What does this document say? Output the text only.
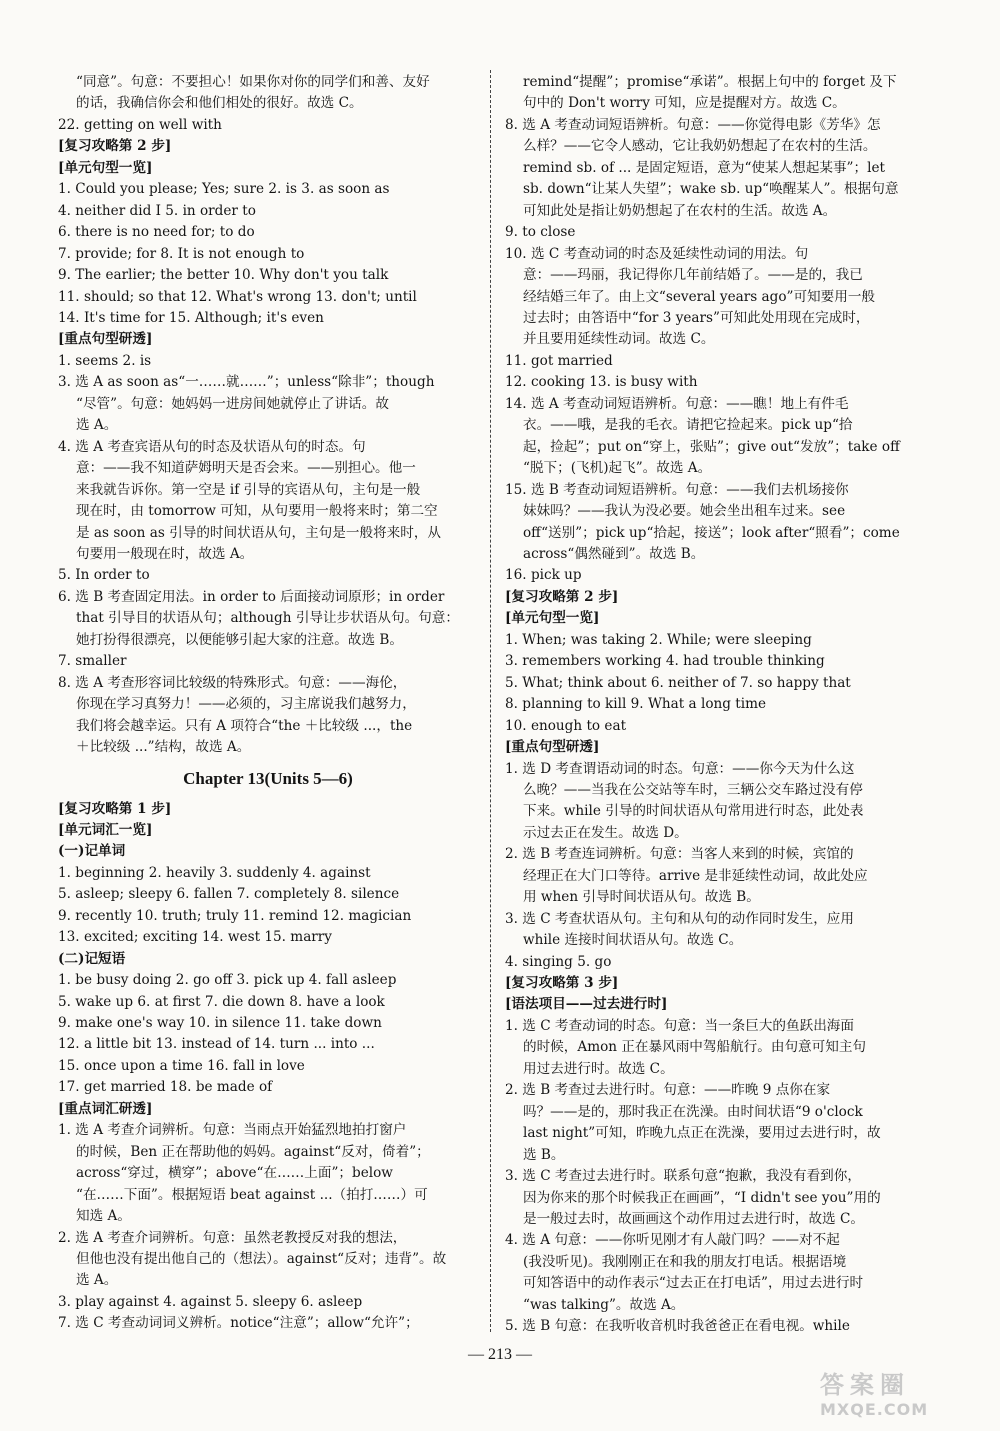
“同意”。句意：不要担心！如果你对你的同学们和善、友好
的话，我确信你会和他们相处的很好。故选 C。
22. getting on well with
[复习攻略第 2 步]
[单元句型一览]
1. Could you please; Yes; sure 2. is 3. as soon as
4. neither did I 5. in order to
6. there is no need for; to do
7. provide; for 8. It is not enough to
9. The earlier; the better 10. Why don't you talk
11. should; so that 12. What's wrong 13. don't; until
14. It's time for 15. Although; it's even
[重点句型研透]
1. seems 2. is
3. 选 A as soon as“一……就……”；unless“除非”；though
“尽管”。句意：她妈妈一进房间她就停止了讲话。故
选 A。
4. 选 A 考查宾语从句的时态及状语从句的时态。句
意：——我不知道萨姆明天是否会来。——别担心。他一
来我就告诉你。第一空是 if 引导的宾语从句，主句是一般
现在时，由 tomorrow 可知，从句要用一般将来时；第二空
是 as soon as 引导的时间状语从句，主句是一般将来时，从
句要用一般现在时，故选 A。
5. In order to
6. 选 B 考查固定用法。in order to 后面接动词原形；in order
that 引导目的状语从句；although 引导让步状语从句。句意：
她打扮得很漂亮，以便能够引起大家的注意。故选 B。
7. smaller
8. 选 A 考查形容词比较级的特殊形式。句意：——海伦，
你现在学习真努力！——必须的，习主席说我们越努力，
我们将会越幸运。只有 A 项符合“the ＋比较级 ...，the
＋比较级 ...”结构，故选 A。
Chapter 13(Units 5—6)
[复习攻略第 1 步]
[单元词汇一览]
(一)记单词
1. beginning 2. heavily 3. suddenly 4. against
5. asleep; sleepy 6. fallen 7. completely 8. silence
9. recently 10. truth; truly 11. remind 12. magician
13. excited; exciting 14. west 15. marry
(二)记短语
1. be busy doing 2. go off 3. pick up 4. fall asleep
5. wake up 6. at first 7. die down 8. have a look
9. make one's way 10. in silence 11. take down
12. a little bit 13. instead of 14. turn ... into ...
15. once upon a time 16. fall in love
17. get married 18. be made of
[重点词汇研透]
1. 选 A 考查介词辨析。句意：当雨点开始猛烈地拍打窗户
的时候，Ben 正在帮助他的妈妈。against“反对，倚着”；
across“穿过，横穿”；above“在……上面”；below
“在……下面”。根据短语 beat against ...（拍打……）可
知选 A。
2. 选 A 考查介词辨析。句意：虽然老教授反对我的想法，
但他也没有提出他自己的（想法）。against“反对；违背”。故
选 A。
3. play against 4. against 5. sleepy 6. asleep
7. 选 C 考查动词词义辨析。notice“注意”；allow“允许”；
remind“提醒”；promise“承诺”。根据上句中的 forget 及下
句中的 Don't worry 可知，应是提醒对方。故选 C。
8. 选 A 考查动词短语辨析。句意：——你觉得电影《芳华》怎
么样？——它令人感动，它让我奶奶想起了在农村的生活。
remind sb. of ... 是固定短语，意为“使某人想起某事”；let
sb. down“让某人失望”；wake sb. up“唤醒某人”。根据句意
可知此处是指让奶奶想起了在农村的生活。故选 A。
9. to close
10. 选 C 考查动词的时态及延续性动词的用法。句
意：——玛丽，我记得你几年前结婚了。——是的，我已
经结婚三年了。由上文“several years ago”可知要用一般
过去时；由答语中“for 3 years”可知此处用现在完成时，
并且要用延续性动词。故选 C。
11. got married
12. cooking 13. is busy with
14. 选 A 考查动词短语辨析。句意：——瞧！地上有件毛
衣。——哦，是我的毛衣。请把它捡起来。pick up“拾
起，捡起”；put on“穿上，张贴”；give out“发放”；take off
“脱下；(飞机)起飞”。故选 A。
15. 选 B 考查动词短语辨析。句意：——我们去机场接你
妹妹吗？——我认为没必要。她会坐出租车过来。see
off“送别”；pick up“拾起，接送”；look after“照看”；come
across“偶然碰到”。故选 B。
16. pick up
[复习攻略第 2 步]
[单元句型一览]
1. When; was taking 2. While; were sleeping
3. remembers working 4. had trouble thinking
5. What; think about 6. neither of 7. so happy that
8. planning to kill 9. What a long time
10. enough to eat
[重点句型研透]
1. 选 D 考查谓语动词的时态。句意：——你今天为什么这
么晚？——当我在公交站等车时，三辆公交车路过没有停
下来。while 引导的时间状语从句常用进行时态，此处表
示过去正在发生。故选 D。
2. 选 B 考查连词辨析。句意：当客人来到的时候，宾馆的
经理正在大门口等待。arrive 是非延续性动词，故此处应
用 when 引导时间状语从句。故选 B。
3. 选 C 考查状语从句。主句和从句的动作同时发生，应用
while 连接时间状语从句。故选 C。
4. singing 5. go
[复习攻略第 3 步]
[语法项目——过去进行时]
1. 选 C 考查动词的时态。句意：当一条巨大的鱼跃出海面
的时候，Amon 正在暴风雨中驾船航行。由句意可知主句
用过去进行时。故选 C。
2. 选 B 考查过去进行时。句意：——昨晚 9 点你在家
吗？——是的，那时我正在洗澡。由时间状语“9 o'clock
last night”可知，昨晚九点正在洗澡，要用过去进行时，故
选 B。
3. 选 C 考查过去进行时。联系句意“抱歉，我没有看到你，
因为你来的那个时候我正在画画”，“I didn't see you”用的
是一般过去时，故画画这个动作用过去进行时，故选 C。
4. 选 A 句意：——你听见刚才有人敲门吗？——对不起
(我没听见)。我刚刚正在和我的朋友打电话。根据语境
可知答语中的动作表示“过去正在打电话”，用过去进行时
“was talking”。故选 A。
5. 选 B 句意：在我听收音机时我爸爸正在看电视。while
— 213 —
答案圈
MXQE.COM
